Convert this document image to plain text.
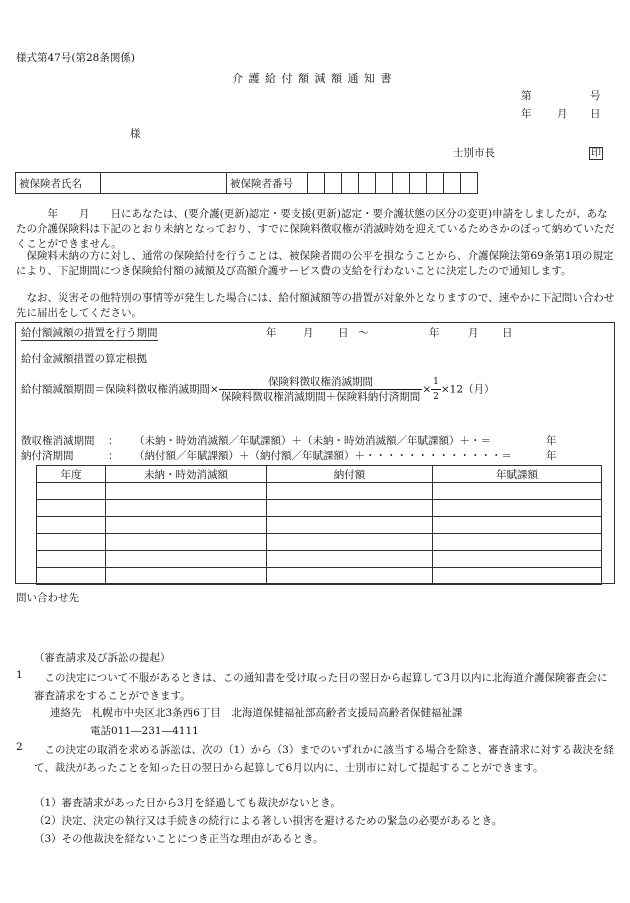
様式第47号(第28条関係)
介 護 給 付 額 減 額 通 知 書
第	号
年 月 日
様
士別市長	印
被保険者氏名		被保険者番号										
　　　年　　月　　日にあなたは、(要介護(更新)認定・要支援(更新)認定・要介護状態の区分の変更)申請をしましたが、あなたの介護保険料は下記のとおり未納となっており、すでに保険料徴収権が消滅時効を迎えているためさかのぼって納めていただくことができません。
　保険料未納の方に対し、通常の保険給付を行うことは、被保険者間の公平を損なうことから、介護保険法第69条第1項の規定により、下記期間につき保険給付額の減額及び高額介護サービス費の支給を行わないことに決定したので通知します。
　なお、災害その他特別の事情等が発生した場合には、給付額減額等の措置が対象外となりますので、速やかに下記問い合わせ先に届出をしてください。
給付額減額の措置を行う期間	年	月 日 〜	年	月 日
給付金減額措置の算定根拠
給付額減額期間＝保険料徴収権消滅期間× $\frac{\text{保険料徴収権消滅期間}}{\text{保険料徴収権消滅期間＋保険料納付済期間}} \times \frac{1}{2} \times 12$（月）
徴収権消滅期間 ： （未納・時効消滅額／年賦課額）＋（未納・時効消滅額／年賦課額）＋・＝	年
納付済期間	： （納付額／年賦課額）＋（納付額／年賦課額）＋・・・・・・・・・・・・・＝	年
年度	未納・時効消滅額	納付額	年賦課額

問い合わせ先
（審査請求及び訴訟の提起）
1	この決定について不服があるときは、この通知書を受け取った日の翌日から起算して3月以内に北海道介護保険審査会に審査請求をすることができます。
連絡先　札幌市中央区北3条西6丁目　北海道保健福祉部高齢者支援局高齢者保健福祉課
電話011―231―4111
2	この決定の取消を求める訴訟は、次の（1）から（3）までのいずれかに該当する場合を除き、審査請求に対する裁決を経て、裁決があったことを知った日の翌日から起算して6月以内に、士別市に対して提起することができます。
（1）審査請求があった日から3月を経過しても裁決がないとき。
（2）決定、決定の執行又は手続きの続行による著しい損害を避けるための緊急の必要があるとき。
（3）その他裁決を経ないことにつき正当な理由があるとき。
